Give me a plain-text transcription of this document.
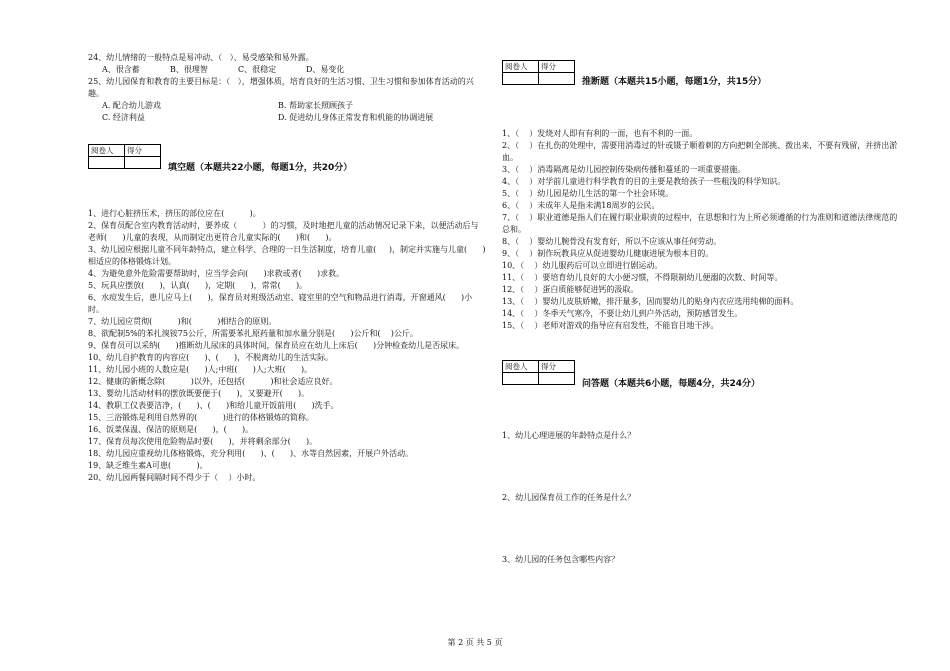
24、幼儿情绪的一般特点是易冲动、（   ）、易受感染和易外露。

A、很含蓄	B、很理智	C、很稳定	D、易变化

25、幼儿园保育和教育的主要目标是：（   ），增强体质，培育良好的生活习惯、卫生习惯和参加体育活动的兴趣。

A. 配合幼儿游戏	B. 帮助家长照顾孩子
C. 经济利益	D. 促进幼儿身体正常发育和机能的协调进展
阅卷人	得分

填空题（本题共22小题，每题1分，共20分）

1、进行心脏挤压术，挤压的部位应在(          )。

2、保育员配合室内教育活动时，要养成（          ）的习惯，及时地把儿童的活动情况记录下来，以便活动后与老师(      )儿童的表现，从而制定出更符合儿童实际的(      )和(      )。

3、幼儿园应根据儿童不同年龄特点，建立科学、合理的一日生活制度，培育儿童(     )，制定并实施与儿童(      )相适应的体格锻炼计划。

4、为避免意外危险需要帮助时，应当学会向(      )求救或者(      )求救。

5、玩具应摆放(      )，认真(      )，定期(      )，常常(      )。

6、水痘发生后，患儿应马上(      )，保育员对班级活动室、寝室里的空气和物品进行消毒，开窗通风(      )小时。

7、幼儿园应贯彻(          )和(          )相结合的原则。

8、欲配制5%的苯扎溴铵75公斤，所需要苯扎原药量和加水量分别是(      )公斤和(    )公斤。

9、保育员可以采纳(      )推断幼儿尿床的具体时间，保育员应在幼儿上床后(      )分钟检查幼儿是否尿床。

10、幼儿自护教育的内容应(      )、(      )，不脱离幼儿的生活实际。

11、幼儿园小班的人数应是(      )人;中班(      )人;大班(      )。

12、健康的新概念除(          )以外，还包括(          )和社会适应良好。

13、婴幼儿活动材料的摆放既要便于(      )，又要避开(      )。

14、教职工仪表要洁净，(      )、(      )和给儿童开饭前用(      )洗手。

15、三浴锻炼是利用自然界的(          )进行的体格锻炼的简称。

16、饭菜保温、保洁的原则是(      )，(      )。

17、保育员每次使用危险物品时要(      )，并将剩余部分(      )。

18、幼儿园应重视幼儿体格锻炼，充分利用(      )、(      )、水等自然因素，开展户外活动。

19、缺乏维生素A可患(          )。

20、幼儿园两餐间隔时间不得少于（    ）小时。

阅卷人	得分

推断题（本题共15小题，每题1分，共15分）

1、（    ）发烧对人即有有利的一面，也有不利的一面。

2、（    ）在扎伤的处理中，需要用消毒过的针或镊子顺着刺的方向把刺全部挑、拨出来，不要有残留，并挤出淤血。

3、（    ）消毒隔离是幼儿园控制传染病传播和蔓延的一项重要措施。

4、（    ）对学前儿童进行科学教育的目的主要是教给孩子一些粗浅的科学知识。

5、（    ）幼儿园是幼儿生活的第一个社会环境。

6、（    ）未成年人是指未满18周岁的公民。

7、（    ）职业道德是指人们在履行职业职责的过程中，在思想和行为上所必须遵循的行为准则和道德法律规范的总和。

8、（    ）婴幼儿腕骨没有发育好，所以不应该从事任何劳动。

9、（    ）制作玩教具应从促进婴幼儿健康进展为根本目的。

10、（    ）幼儿服药后可以立即进行剧运动。

11、（    ）要培育幼儿良好的大小便习惯，不得限制幼儿便溺的次数、时间等。

12、（    ）蛋白质能够促进钙的汲取。

13、（    ）婴幼儿皮肤娇嫩，排汗量多，因而婴幼儿的贴身内衣应选用纯棉的面料。

14、（    ）冬季天气寒冷，不要让幼儿到户外活动，预防感冒发生。

15、（    ）老师对游戏的指导应有启发性，不能盲目地干涉。

阅卷人	得分

问答题（本题共6小题，每题4分，共24分）

1、幼儿心理进展的年龄特点是什么？

2、幼儿园保育员工作的任务是什么？

3、幼儿园的任务包含哪些内容？

第 2 页 共 5 页
